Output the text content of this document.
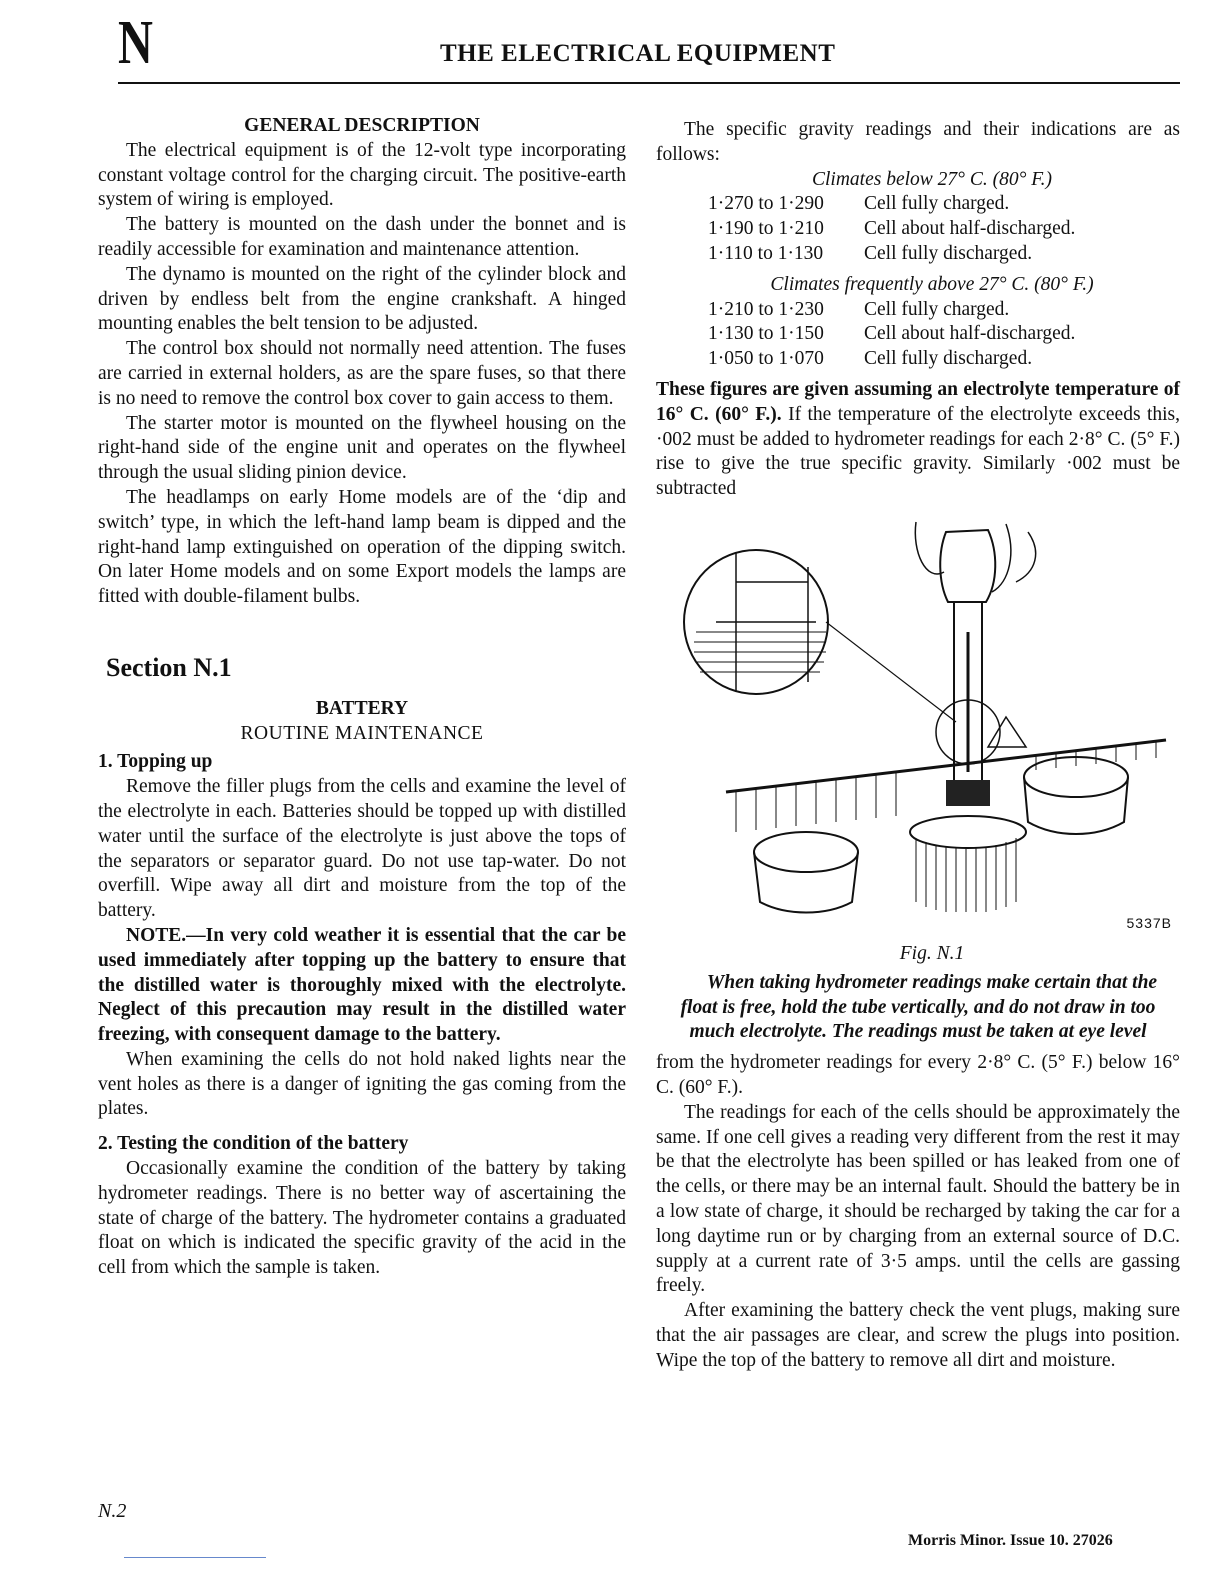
N	THE ELECTRICAL EQUIPMENT

GENERAL DESCRIPTION

The electrical equipment is of the 12-volt type incorporating constant voltage control for the charging circuit. The positive-earth system of wiring is employed.

The battery is mounted on the dash under the bonnet and is readily accessible for examination and maintenance attention.

The dynamo is mounted on the right of the cylinder block and driven by endless belt from the engine crankshaft. A hinged mounting enables the belt tension to be adjusted.

The control box should not normally need attention. The fuses are carried in external holders, as are the spare fuses, so that there is no need to remove the control box cover to gain access to them.

The starter motor is mounted on the flywheel housing on the right-hand side of the engine unit and operates on the flywheel through the usual sliding pinion device.

The headlamps on early Home models are of the ‘dip and switch’ type, in which the left-hand lamp beam is dipped and the right-hand lamp extinguished on operation of the dipping switch. On later Home models and on some Export models the lamps are fitted with double-filament bulbs.

Section N.1

BATTERY

ROUTINE MAINTENANCE

1. Topping up

Remove the filler plugs from the cells and examine the level of the electrolyte in each. Batteries should be topped up with distilled water until the surface of the electrolyte is just above the tops of the separators or separator guard. Do not use tap-water. Do not overfill. Wipe away all dirt and moisture from the top of the battery.

NOTE.—In very cold weather it is essential that the car be used immediately after topping up the battery to ensure that the distilled water is thoroughly mixed with the electrolyte. Neglect of this precaution may result in the distilled water freezing, with consequent damage to the battery.

When examining the cells do not hold naked lights near the vent holes as there is a danger of igniting the gas coming from the plates.

2. Testing the condition of the battery

Occasionally examine the condition of the battery by taking hydrometer readings. There is no better way of ascertaining the state of charge of the battery. The hydrometer contains a graduated float on which is indicated the specific gravity of the acid in the cell from which the sample is taken.

The specific gravity readings and their indications are as follows:

Climates below 27° C. (80° F.)

1·270 to 1·290	Cell fully charged.
1·190 to 1·210	Cell about half-discharged.
1·110 to 1·130	Cell fully discharged.

Climates frequently above 27° C. (80° F.)

1·210 to 1·230	Cell fully charged.
1·130 to 1·150	Cell about half-discharged.
1·050 to 1·070	Cell fully discharged.

These figures are given assuming an electrolyte temperature of 16° C. (60° F.). If the temperature of the electrolyte exceeds this, ·002 must be added to hydrometer readings for each 2·8° C. (5° F.) rise to give the true specific gravity. Similarly ·002 must be subtracted

5337B

Fig. N.1

When taking hydrometer readings make certain that the float is free, hold the tube vertically, and do not draw in too much electrolyte. The readings must be taken at eye level

from the hydrometer readings for every 2·8° C. (5° F.) below 16° C. (60° F.).

The readings for each of the cells should be approximately the same. If one cell gives a reading very different from the rest it may be that the electrolyte has been spilled or has leaked from one of the cells, or there may be an internal fault. Should the battery be in a low state of charge, it should be recharged by taking the car for a long daytime run or by charging from an external source of D.C. supply at a current rate of 3·5 amps. until the cells are gassing freely.

After examining the battery check the vent plugs, making sure that the air passages are clear, and screw the plugs into position. Wipe the top of the battery to remove all dirt and moisture.

N.2
Morris Minor. Issue 10. 27026
